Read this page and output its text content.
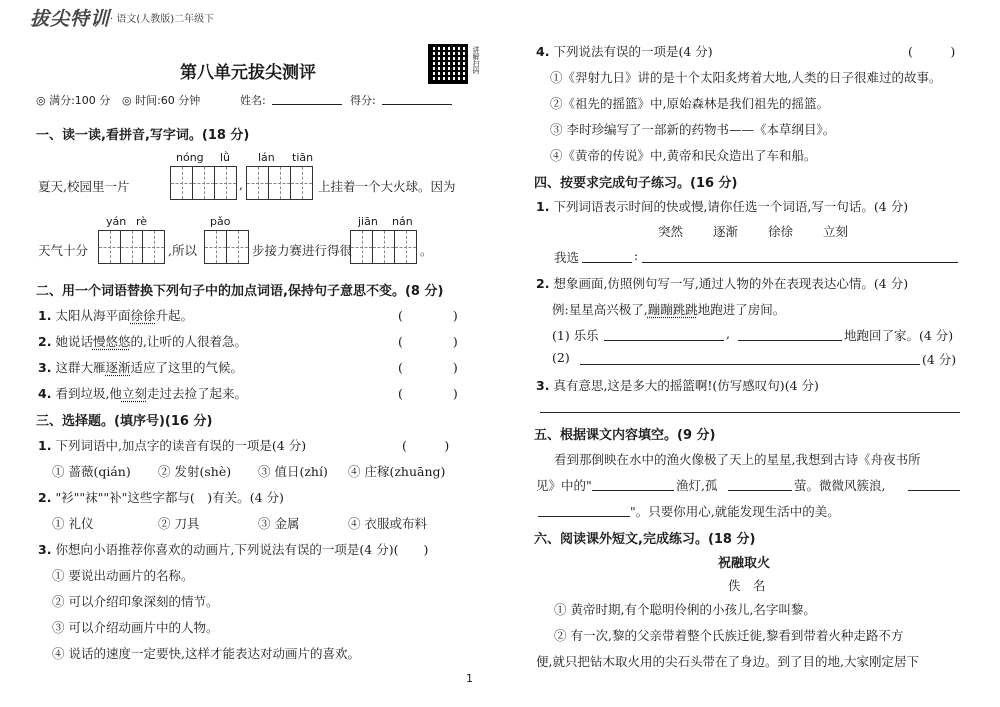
拔尖特训 · 语文(人教版)二年级下
第八单元拔尖测评	讲解扫码
◎ 满分:100 分 ◎ 时间:60 分钟	姓名:	得分:
一、读一读,看拼音,写字词。(18 分)
nóng lǜ	lán tiān
夏天,校园里一片	,	上挂着一个大火球。因为
yán rè	pǎo	jiān nán
天气十分	,所以	步接力赛进行得很	。
二、用一个词语替换下列句子中的加点词语,保持句子意思不变。(8 分)
1. 太阳从海平面徐徐升起。	(　　　　)
2. 她说话慢悠悠的,让听的人很着急。	(　　　　)
3. 这群大雁逐渐适应了这里的气候。	(　　　　)
4. 看到垃圾,他立刻走过去捡了起来。	(　　　　)
三、选择题。(填序号)(16 分)
1. 下列词语中,加点字的读音有误的一项是(4 分)	(　　　)
① 蔷薇(qián) ② 发射(shè) ③ 值日(zhí) ④ 庄稼(zhuāng)
2. "衫""袜""补"这些字都与(　)有关。(4 分)
① 礼仪	② 刀具	③ 金属	④ 衣服或布料
3. 你想向小语推荐你喜欢的动画片,下列说法有误的一项是(4 分)(　　)
① 要说出动画片的名称。
② 可以介绍印象深刻的情节。
③ 可以介绍动画片中的人物。
④ 说话的速度一定要快,这样才能表达对动画片的喜欢。
1
4. 下列说法有误的一项是(4 分)	(　　　)
①《羿射九日》讲的是十个太阳炙烤着大地,人类的日子很难过的故事。
②《祖先的摇篮》中,原始森林是我们祖先的摇篮。
③ 李时珍编写了一部新的药物书——《本草纲目》。
④《黄帝的传说》中,黄帝和民众造出了车和船。
四、按要求完成句子练习。(16 分)
1. 下列词语表示时间的快或慢,请你任选一个词语,写一句话。(4 分)
突然 逐渐 徐徐 立刻
我选	:
2. 想象画面,仿照例句写一写,通过人物的外在表现表达心情。(4 分)
例:星星高兴极了,蹦蹦跳跳地跑进了房间。
(1) 乐乐	,	地跑回了家。(4 分)
(2)	(4 分)
3. 真有意思,这是多大的摇篮啊!(仿写感叹句)(4 分)
五、根据课文内容填空。(9 分)
看到那倒映在水中的渔火像极了天上的星星,我想到古诗《舟夜书所
见》中的"	渔灯,孤	萤。微微风簇浪,
"。只要你用心,就能发现生活中的美。
六、阅读课外短文,完成练习。(18 分)
祝融取火
佚　名
① 黄帝时期,有个聪明伶俐的小孩儿,名字叫黎。
② 有一次,黎的父亲带着整个氏族迁徙,黎看到带着火种走路不方
便,就只把钻木取火用的尖石头带在了身边。到了目的地,大家刚定居下
